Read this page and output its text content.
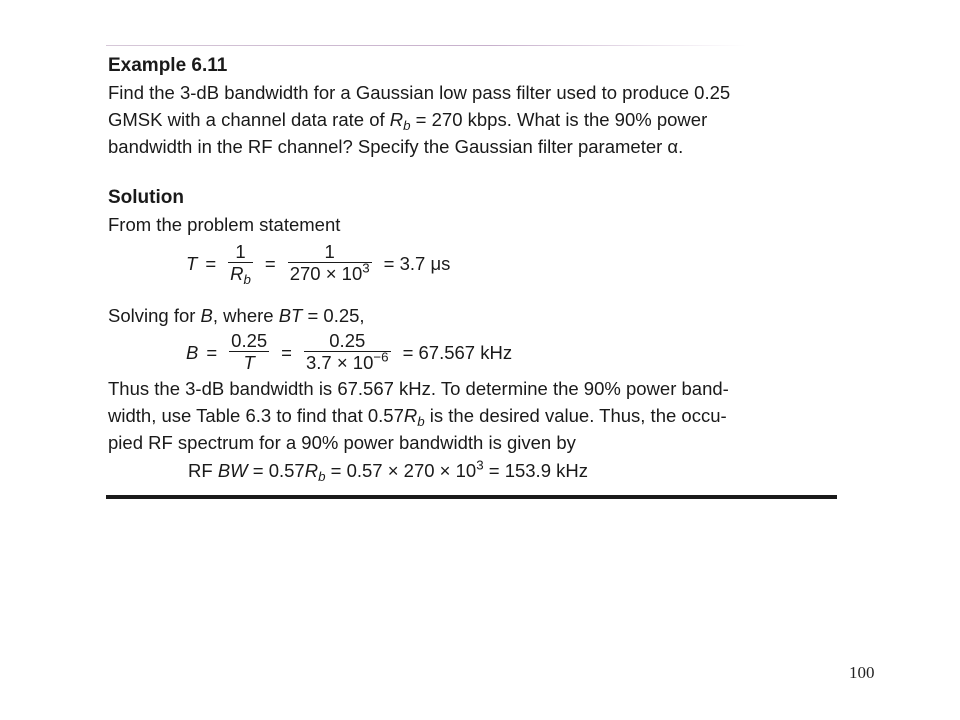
Example 6.11
Find the 3-dB bandwidth for a Gaussian low pass filter used to produce 0.25
GMSK with a channel data rate of $R_b = 270$ kbps. What is the 90% power
bandwidth in the RF channel? Specify the Gaussian filter parameter α.
Solution
From the problem statement
$T = \frac{1}{R_b} = \frac{1}{270 \times 10^3} = 3.7$ μs
Solving for B, where BT = 0.25,
$B = \frac{0.25}{T} = \frac{0.25}{3.7 \times 10^{-6}} = 67.567$ kHz
Thus the 3-dB bandwidth is 67.567 kHz. To determine the 90% power band-
width, use Table 6.3 to find that $0.57R_b$ is the desired value. Thus, the occu-
pied RF spectrum for a 90% power bandwidth is given by
RF BW = $0.57R_b = 0.57 \times 270 \times 10^3 = 153.9$ kHz
100
